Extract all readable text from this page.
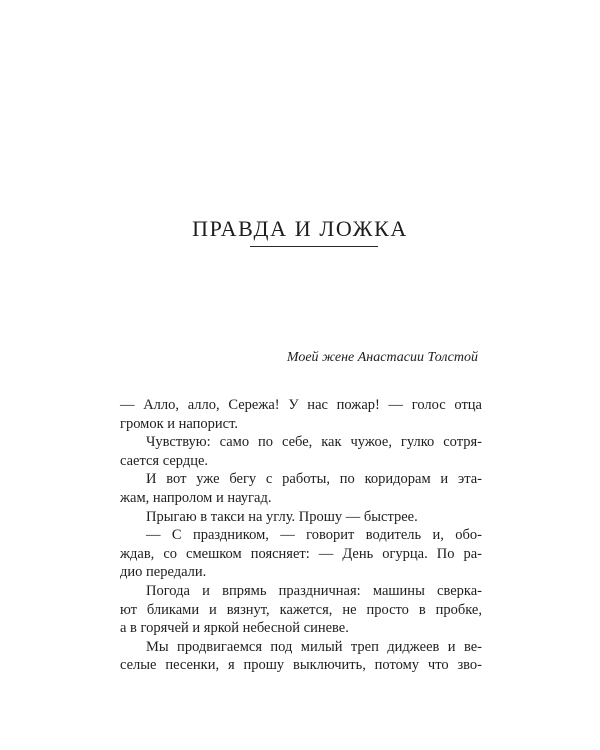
ПРАВДА И ЛОЖКА
Моей жене Анастасии Толстой

— Алло, алло, Сережа! У нас пожар! — голос отца
громок и напорист.

Чувствую: само по себе, как чужое, гулко сотря-
сается сердце.

И вот уже бегу с работы, по коридорам и эта-
жам, напролом и наугад.

Прыгаю в такси на углу. Прошу — быстрее.

— С праздником, — говорит водитель и, обо-
ждав, со смешком поясняет: — День огурца. По ра-
дио передали.

Погода и впрямь праздничная: машины сверка-
ют бликами и вязнут, кажется, не просто в пробке,
а в горячей и яркой небесной синеве.

Мы продвигаемся под милый треп диджеев и ве-
селые песенки, я прошу выключить, потому что зво-
